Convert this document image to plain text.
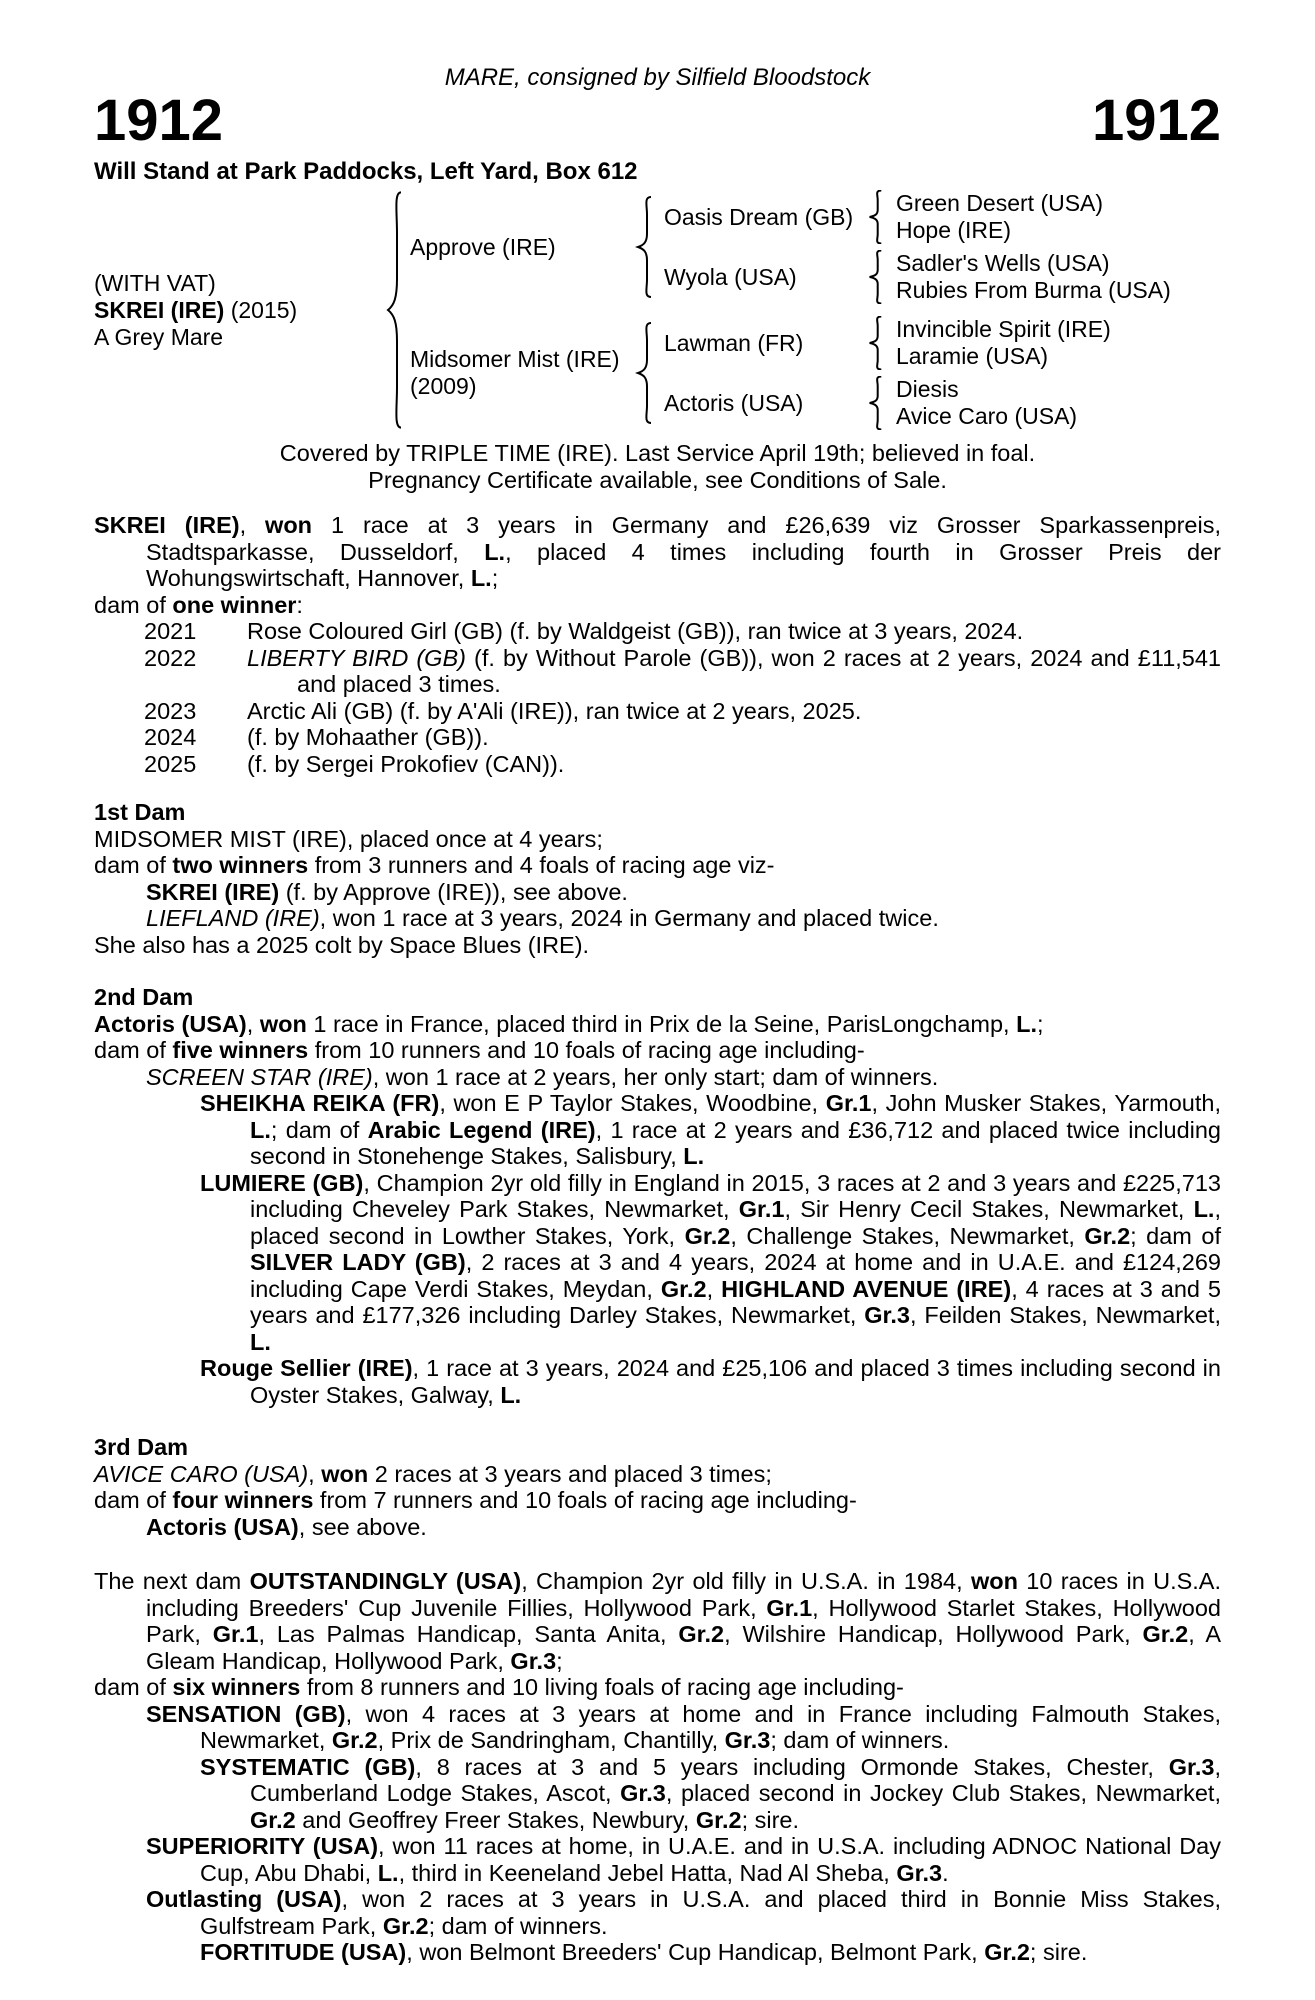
MARE, consigned by Silfield Bloodstock
1912	1912
Will Stand at Park Paddocks, Left Yard, Box 612
(WITH VAT)
SKREI (IRE) (2015)
A Grey Mare
Approve (IRE)
Oasis Dream (GB)
Green Desert (USA)
Hope (IRE)
Wyola (USA)
Sadler's Wells (USA)
Rubies From Burma (USA)
Midsomer Mist (IRE)
(2009)
Lawman (FR)
Invincible Spirit (IRE)
Laramie (USA)
Actoris (USA)
Diesis
Avice Caro (USA)
Covered by TRIPLE TIME (IRE). Last Service April 19th; believed in foal.
Pregnancy Certificate available, see Conditions of Sale.
SKREI (IRE), won 1 race at 3 years in Germany and £26,639 viz Grosser Sparkassenpreis, Stadtsparkasse, Dusseldorf, L., placed 4 times including fourth in Grosser Preis der Wohungswirtschaft, Hannover, L.;
dam of one winner:
2021	Rose Coloured Girl (GB) (f. by Waldgeist (GB)), ran twice at 3 years, 2024.
2022	LIBERTY BIRD (GB) (f. by Without Parole (GB)), won 2 races at 2 years, 2024 and £11,541 and placed 3 times.
2023	Arctic Ali (GB) (f. by A'Ali (IRE)), ran twice at 2 years, 2025.
2024	(f. by Mohaather (GB)).
2025	(f. by Sergei Prokofiev (CAN)).
1st Dam
MIDSOMER MIST (IRE), placed once at 4 years;
dam of two winners from 3 runners and 4 foals of racing age viz-
SKREI (IRE) (f. by Approve (IRE)), see above.
LIEFLAND (IRE), won 1 race at 3 years, 2024 in Germany and placed twice.
She also has a 2025 colt by Space Blues (IRE).
2nd Dam
Actoris (USA), won 1 race in France, placed third in Prix de la Seine, ParisLongchamp, L.;
dam of five winners from 10 runners and 10 foals of racing age including-
SCREEN STAR (IRE), won 1 race at 2 years, her only start; dam of winners.
SHEIKHA REIKA (FR), won E P Taylor Stakes, Woodbine, Gr.1, John Musker Stakes, Yarmouth, L.; dam of Arabic Legend (IRE), 1 race at 2 years and £36,712 and placed twice including second in Stonehenge Stakes, Salisbury, L.
LUMIERE (GB), Champion 2yr old filly in England in 2015, 3 races at 2 and 3 years and £225,713 including Cheveley Park Stakes, Newmarket, Gr.1, Sir Henry Cecil Stakes, Newmarket, L., placed second in Lowther Stakes, York, Gr.2, Challenge Stakes, Newmarket, Gr.2; dam of SILVER LADY (GB), 2 races at 3 and 4 years, 2024 at home and in U.A.E. and £124,269 including Cape Verdi Stakes, Meydan, Gr.2, HIGHLAND AVENUE (IRE), 4 races at 3 and 5 years and £177,326 including Darley Stakes, Newmarket, Gr.3, Feilden Stakes, Newmarket, L.
Rouge Sellier (IRE), 1 race at 3 years, 2024 and £25,106 and placed 3 times including second in Oyster Stakes, Galway, L.
3rd Dam
AVICE CARO (USA), won 2 races at 3 years and placed 3 times;
dam of four winners from 7 runners and 10 foals of racing age including-
Actoris (USA), see above.
The next dam OUTSTANDINGLY (USA), Champion 2yr old filly in U.S.A. in 1984, won 10 races in U.S.A. including Breeders' Cup Juvenile Fillies, Hollywood Park, Gr.1, Hollywood Starlet Stakes, Hollywood Park, Gr.1, Las Palmas Handicap, Santa Anita, Gr.2, Wilshire Handicap, Hollywood Park, Gr.2, A Gleam Handicap, Hollywood Park, Gr.3;
dam of six winners from 8 runners and 10 living foals of racing age including-
SENSATION (GB), won 4 races at 3 years at home and in France including Falmouth Stakes, Newmarket, Gr.2, Prix de Sandringham, Chantilly, Gr.3; dam of winners.
SYSTEMATIC (GB), 8 races at 3 and 5 years including Ormonde Stakes, Chester, Gr.3, Cumberland Lodge Stakes, Ascot, Gr.3, placed second in Jockey Club Stakes, Newmarket, Gr.2 and Geoffrey Freer Stakes, Newbury, Gr.2; sire.
SUPERIORITY (USA), won 11 races at home, in U.A.E. and in U.S.A. including ADNOC National Day Cup, Abu Dhabi, L., third in Keeneland Jebel Hatta, Nad Al Sheba, Gr.3.
Outlasting (USA), won 2 races at 3 years in U.S.A. and placed third in Bonnie Miss Stakes, Gulfstream Park, Gr.2; dam of winners.
FORTITUDE (USA), won Belmont Breeders' Cup Handicap, Belmont Park, Gr.2; sire.
